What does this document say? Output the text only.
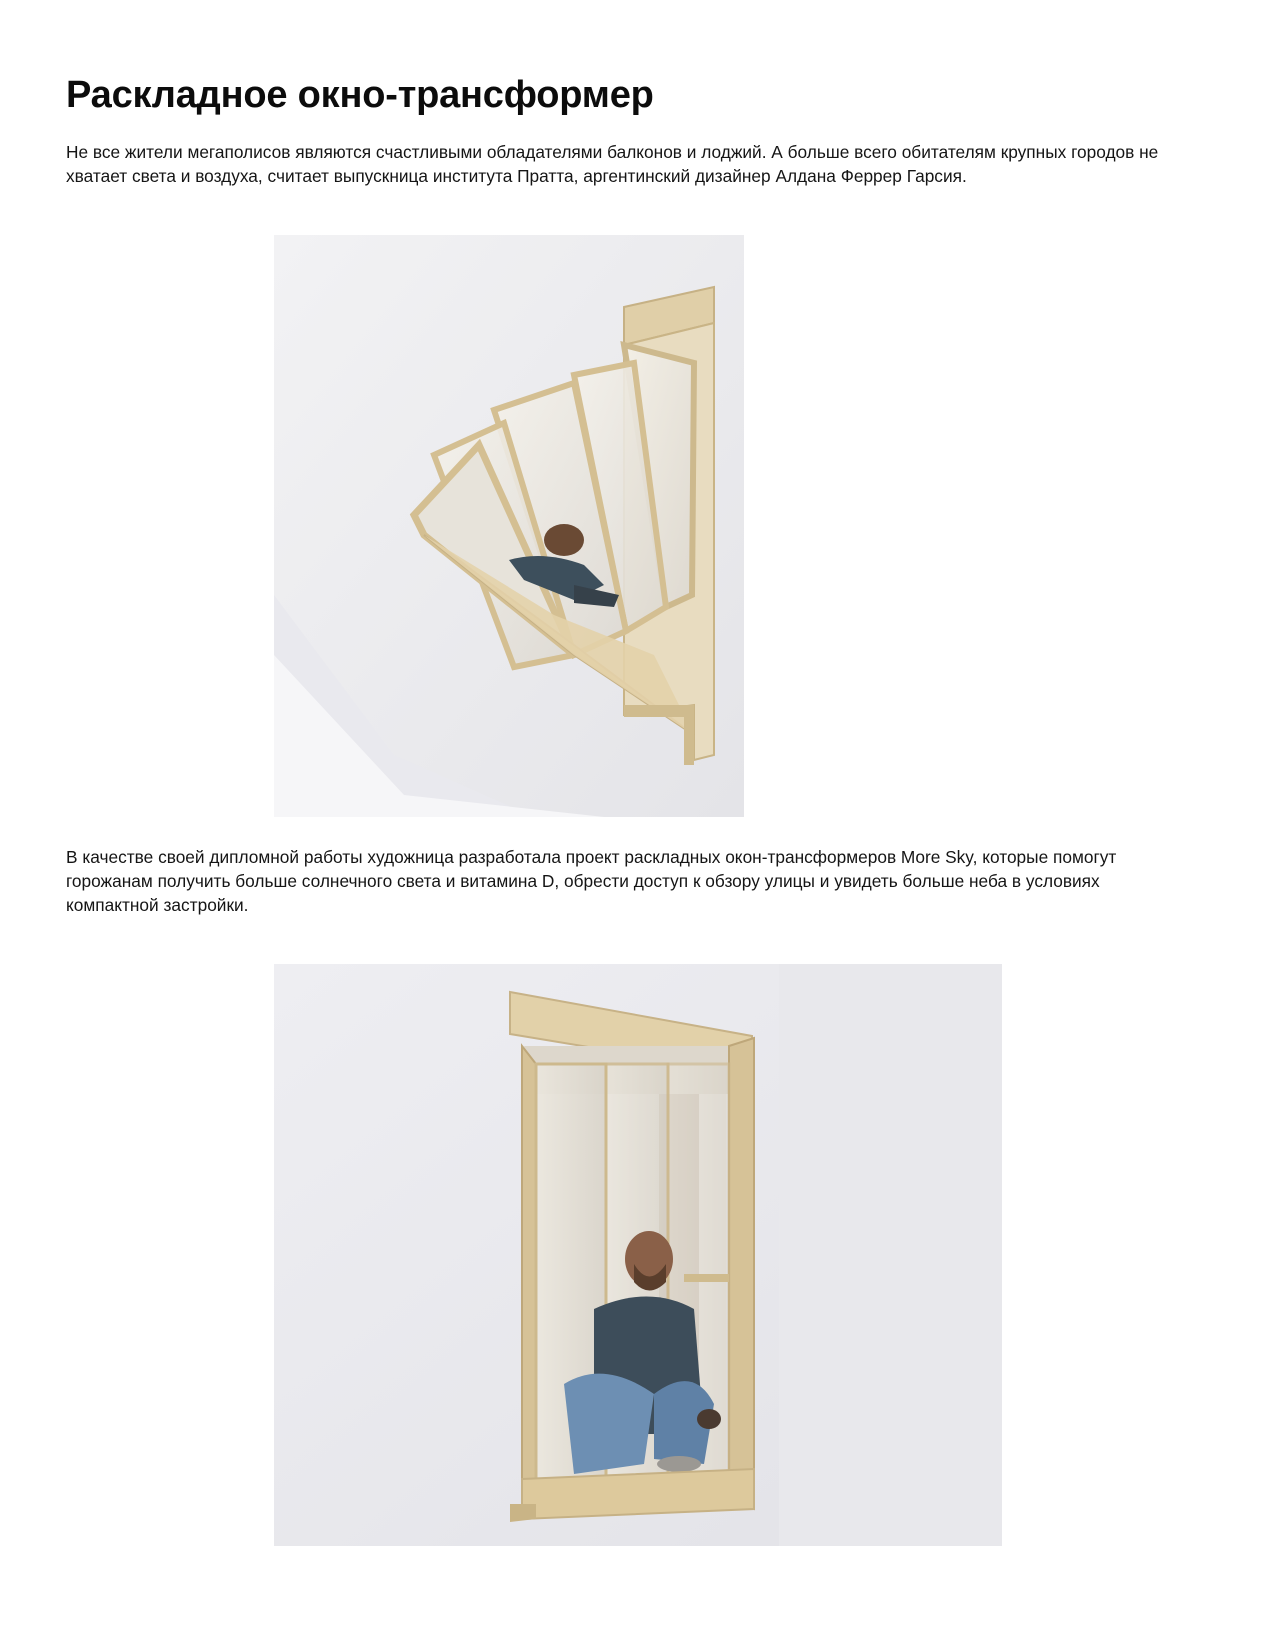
Раскладное окно-трансформер

Не все жители мегаполисов являются счастливыми обладателями балконов и лоджий. А больше всего обитателям крупных городов не хватает света и воздуха, считает выпускница института Пратта, аргентинский дизайнер Алдана Феррер Гарсия.

В качестве своей дипломной работы художница разработала проект раскладных окон-трансформеров More Sky, которые помогут горожанам получить больше солнечного света и витамина D, обрести доступ к обзору улицы и увидеть больше неба в условиях компактной застройки.
